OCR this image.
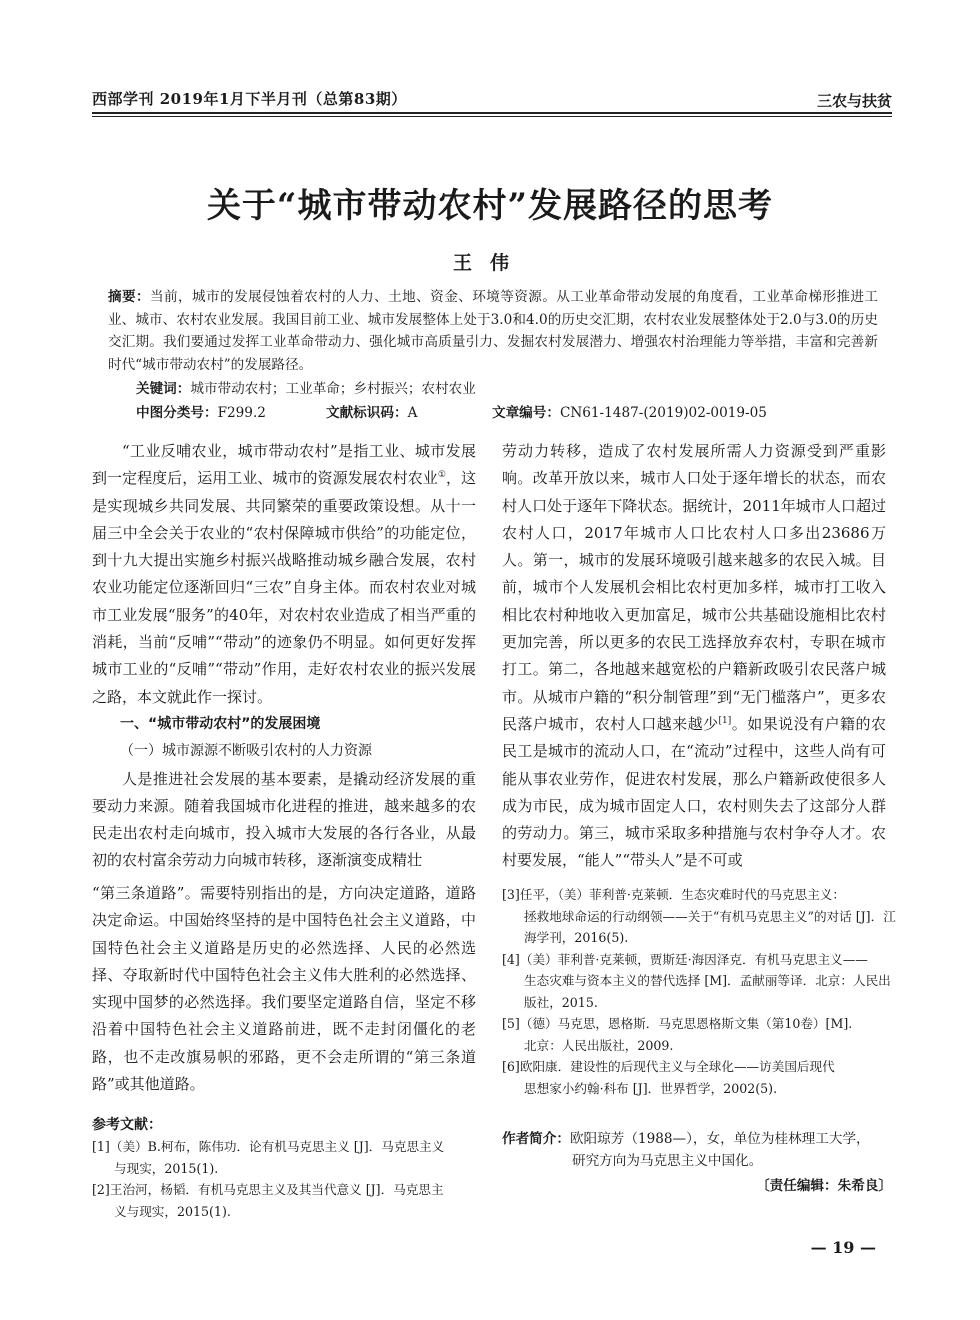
西部学刊 2019年1月下半月刊（总第83期）	三农与扶贫
关于“城市带动农村”发展路径的思考
王伟
摘要：当前，城市的发展侵蚀着农村的人力、土地、资金、环境等资源。从工业革命带动发展的角度看，工业革命梯形推进工业、城市、农村农业发展。我国目前工业、城市发展整体上处于3.0和4.0的历史交汇期，农村农业发展整体处于2.0与3.0的历史交汇期。我们要通过发挥工业革命带动力、强化城市高质量引力、发掘农村发展潜力、增强农村治理能力等举措，丰富和完善新时代“城市带动农村”的发展路径。
关键词：城市带动农村；工业革命；乡村振兴；农村农业
中图分类号：F299.2	文献标识码：A	文章编号：CN61-1487-(2019)02-0019-05

“工业反哺农业，城市带动农村”是指工业、城市发展到一定程度后，运用工业、城市的资源发展农村农业①，这是实现城乡共同发展、共同繁荣的重要政策设想。从十一届三中全会关于农业的“农村保障城市供给”的功能定位，到十九大提出实施乡村振兴战略推动城乡融合发展，农村农业功能定位逐渐回归“三农”自身主体。而农村农业对城市工业发展“服务”的40年，对农村农业造成了相当严重的消耗，当前“反哺”“带动”的迹象仍不明显。如何更好发挥城市工业的“反哺”“带动”作用，走好农村农业的振兴发展之路，本文就此作一探讨。

一、“城市带动农村”的发展困境

（一）城市源源不断吸引农村的人力资源

人是推进社会发展的基本要素，是撬动经济发展的重要动力来源。随着我国城市化进程的推进，越来越多的农民走出农村走向城市，投入城市大发展的各行各业，从最初的农村富余劳动力向城市转移，逐渐演变成精壮

劳动力转移，造成了农村发展所需人力资源受到严重影响。改革开放以来，城市人口处于逐年增长的状态，而农村人口处于逐年下降状态。据统计，2011年城市人口超过农村人口，2017年城市人口比农村人口多出23686万人。第一，城市的发展环境吸引越来越多的农民入城。目前，城市个人发展机会相比农村更加多样，城市打工收入相比农村种地收入更加富足，城市公共基础设施相比农村更加完善，所以更多的农民工选择放弃农村，专职在城市打工。第二，各地越来越宽松的户籍新政吸引农民落户城市。从城市户籍的“积分制管理”到“无门槛落户”，更多农民落户城市，农村人口越来越少[1]。如果说没有户籍的农民工是城市的流动人口，在“流动”过程中，这些人尚有可能从事农业劳作，促进农村发展，那么户籍新政使很多人成为市民，成为城市固定人口，农村则失去了这部分人群的劳动力。第三，城市采取多种措施与农村争夺人才。农村要发展，“能人”“带头人”是不可或

“第三条道路”。需要特别指出的是，方向决定道路，道路决定命运。中国始终坚持的是中国特色社会主义道路，中国特色社会主义道路是历史的必然选择、人民的必然选择、夺取新时代中国特色社会主义伟大胜利的必然选择、实现中国梦的必然选择。我们要坚定道路自信，坚定不移沿着中国特色社会主义道路前进，既不走封闭僵化的老路，也不走改旗易帜的邪路，更不会走所谓的“第三条道路”或其他道路。

参考文献：
[1]（美）B.柯布，陈伟功．论有机马克思主义 [J]．马克思主义
与现实，2015(1).
[2]王治河，杨韬．有机马克思主义及其当代意义 [J]．马克思主
义与现实，2015(1).
[3]任平，（美）菲利普·克莱顿．生态灾难时代的马克思主义：
拯救地球命运的行动纲领——关于“有机马克思主义”的对话 [J]．江海学刊，2016(5).
[4]（美）菲利普·克莱顿，贾斯廷·海因泽克．有机马克思主义——
生态灾难与资本主义的替代选择 [M]．孟献丽等译．北京：人民出版社，2015.
[5]（德）马克思，恩格斯．马克思恩格斯文集（第10卷）[M].
北京：人民出版社，2009.
[6]欧阳康．建设性的后现代主义与全球化——访美国后现代
思想家小约翰·科布 [J]．世界哲学，2002(5).
作者简介：欧阳琼芳（1988—），女，单位为桂林理工大学，
研究方向为马克思主义中国化。
〔责任编辑：朱希良〕
— 19 —
